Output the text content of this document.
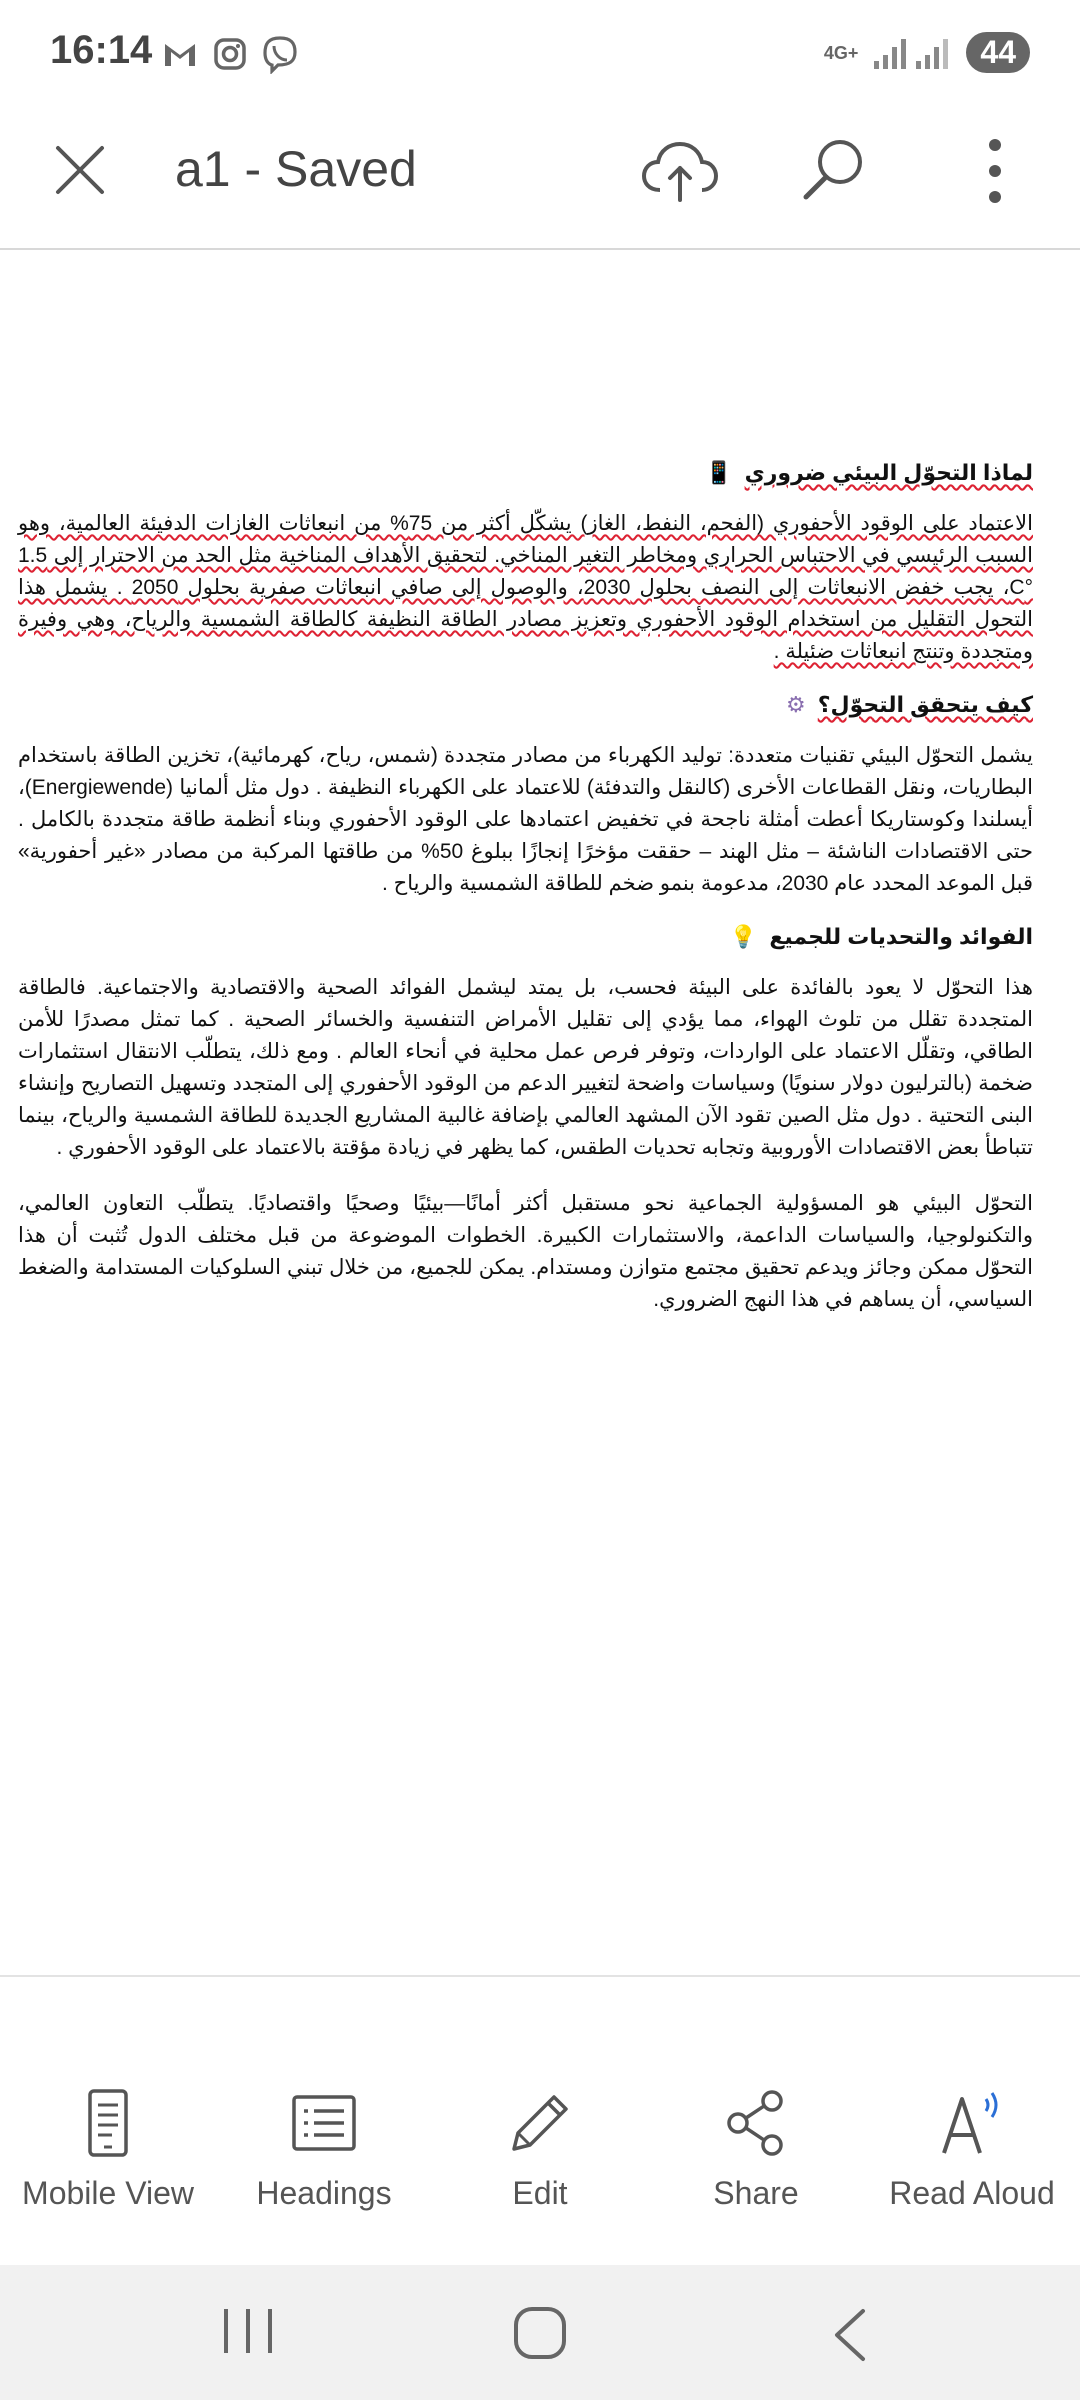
16:14	4G+	44
a1 - Saved
لماذا التحوّل البيئي ضروري
📱

الاعتماد على الوقود الأحفوري (الفحم، النفط، الغاز) يشكّل أكثر من 75% من انبعاثات الغازات الدفيئة العالمية، وهو السبب الرئيسي في الاحتباس الحراري ومخاطر التغير المناخي. لتحقيق الأهداف المناخية مثل الحد من الاحترار إلى 1.5 °C، يجب خفض الانبعاثات إلى النصف بحلول 2030، والوصول إلى صافي انبعاثات صفرية بحلول 2050 . يشمل هذا التحول التقليل من استخدام الوقود الأحفوري وتعزيز مصادر الطاقة النظيفة كالطاقة الشمسية والرياح، وهي وفيرة ومتجددة وتنتج انبعاثات ضئيلة .

كيف يتحقق التحوّل؟
⚙

يشمل التحوّل البيئي تقنيات متعددة: توليد الكهرباء من مصادر متجددة (شمس، رياح، كهرمائية)، تخزين الطاقة باستخدام البطاريات، ونقل القطاعات الأخرى (كالنقل والتدفئة) للاعتماد على الكهرباء النظيفة . دول مثل ألمانيا (Energiewende)، أيسلندا وكوستاريكا أعطت أمثلة ناجحة في تخفيض اعتمادها على الوقود الأحفوري وبناء أنظمة طاقة متجددة بالكامل . حتى الاقتصادات الناشئة – مثل الهند – حققت مؤخرًا إنجازًا ببلوغ 50% من طاقتها المركبة من مصادر «غير أحفورية» قبل الموعد المحدد عام 2030، مدعومة بنمو ضخم للطاقة الشمسية والرياح .

الفوائد والتحديات للجميع
💡

هذا التحوّل لا يعود بالفائدة على البيئة فحسب، بل يمتد ليشمل الفوائد الصحية والاقتصادية والاجتماعية. فالطاقة المتجددة تقلل من تلوث الهواء، مما يؤدي إلى تقليل الأمراض التنفسية والخسائر الصحية . كما تمثل مصدرًا للأمن الطاقي، وتقلّل الاعتماد على الواردات، وتوفر فرص عمل محلية في أنحاء العالم . ومع ذلك، يتطلّب الانتقال استثمارات ضخمة (بالترليون دولار سنويًا) وسياسات واضحة لتغيير الدعم من الوقود الأحفوري إلى المتجدد وتسهيل التصاريح وإنشاء البنى التحتية . دول مثل الصين تقود الآن المشهد العالمي بإضافة غالبية المشاريع الجديدة للطاقة الشمسية والرياح، بينما تتباطأ بعض الاقتصادات الأوروبية وتجابه تحديات الطقس، كما يظهر في زيادة مؤقتة بالاعتماد على الوقود الأحفوري .

التحوّل البيئي هو المسؤولية الجماعية نحو مستقبل أكثر أمانًا—بيئيًا وصحيًا واقتصاديًا. يتطلّب التعاون العالمي، والتكنولوجيا، والسياسات الداعمة، والاستثمارات الكبيرة. الخطوات الموضوعة من قبل مختلف الدول تُثبت أن هذا التحوّل ممكن وجائز ويدعم تحقيق مجتمع متوازن ومستدام. يمكن للجميع، من خلال تبني السلوكيات المستدامة والضغط السياسي، أن يساهم في هذا النهج الضروري.

Mobile View Headings	Edit	Share	Read Aloud
